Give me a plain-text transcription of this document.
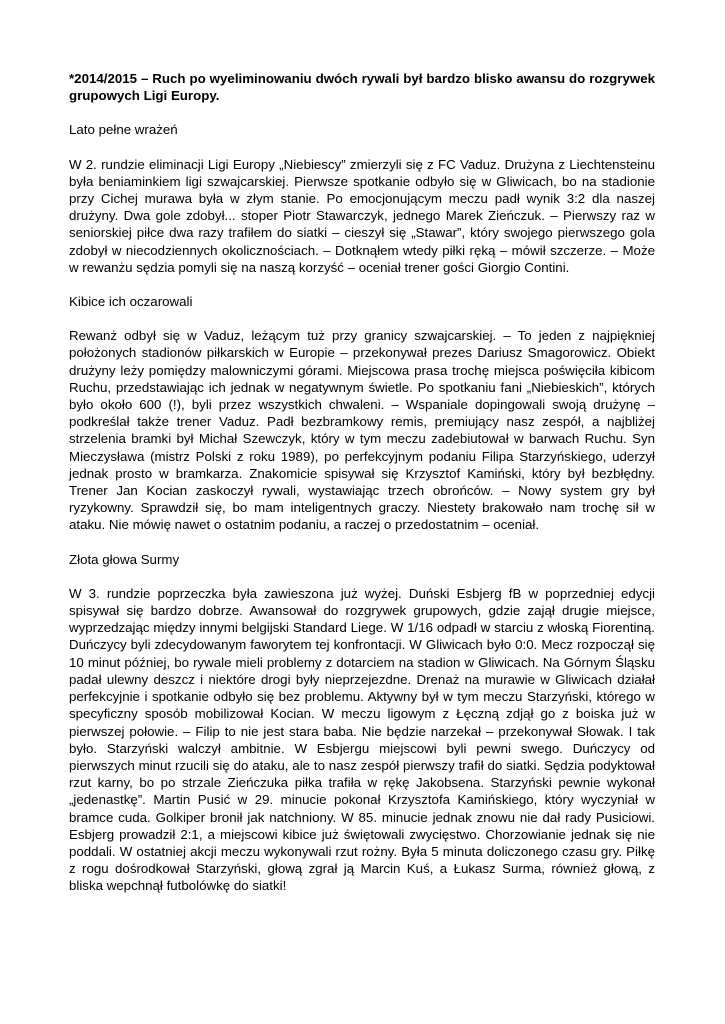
*2014/2015 – Ruch po wyeliminowaniu dwóch rywali był bardzo blisko awansu do rozgrywek grupowych Ligi Europy.

Lato pełne wrażeń

W 2. rundzie eliminacji Ligi Europy „Niebiescy” zmierzyli się z FC Vaduz. Drużyna z Liechtensteinu była beniaminkiem ligi szwajcarskiej. Pierwsze spotkanie odbyło się w Gliwicach, bo na stadionie przy Cichej murawa była w złym stanie. Po emocjonującym meczu padł wynik 3:2 dla naszej drużyny. Dwa gole zdobył... stoper Piotr Stawarczyk, jednego Marek Zieńczuk. – Pierwszy raz w seniorskiej piłce dwa razy trafiłem do siatki – cieszył się „Stawar”, który swojego pierwszego gola zdobył w niecodziennych okolicznościach. – Dotknąłem wtedy piłki ręką – mówił szczerze. – Może w rewanżu sędzia pomyli się na naszą korzyść – oceniał trener gości Giorgio Contini.

Kibice ich oczarowali

Rewanż odbył się w Vaduz, leżącym tuż przy granicy szwajcarskiej. – To jeden z najpiękniej położonych stadionów piłkarskich w Europie – przekonywał prezes Dariusz Smagorowicz. Obiekt drużyny leży pomiędzy malowniczymi górami. Miejscowa prasa trochę miejsca poświęciła kibicom Ruchu, przedstawiając ich jednak w negatywnym świetle. Po spotkaniu fani „Niebieskich”, których było około 600 (!), byli przez wszystkich chwaleni. – Wspaniale dopingowali swoją drużynę – podkreślał także trener Vaduz. Padł bezbramkowy remis, premiujący nasz zespół, a najbliżej strzelenia bramki był Michał Szewczyk, który w tym meczu zadebiutował w barwach Ruchu. Syn Mieczysława (mistrz Polski z roku 1989), po perfekcyjnym podaniu Filipa Starzyńskiego, uderzył jednak prosto w bramkarza. Znakomicie spisywał się Krzysztof Kamiński, który był bezbłędny. Trener Jan Kocian zaskoczył rywali, wystawiając trzech obrońców. – Nowy system gry był ryzykowny. Sprawdził się, bo mam inteligentnych graczy. Niestety brakowało nam trochę sił w ataku. Nie mówię nawet o ostatnim podaniu, a raczej o przedostatnim – oceniał.

Złota głowa Surmy

W 3. rundzie poprzeczka była zawieszona już wyżej. Duński Esbjerg fB w poprzedniej edycji spisywał się bardzo dobrze. Awansował do rozgrywek grupowych, gdzie zajął drugie miejsce, wyprzedzając między innymi belgijski Standard Liege. W 1/16 odpadł w starciu z włoską Fiorentiną. Duńczycy byli zdecydowanym faworytem tej konfrontacji. W Gliwicach było 0:0. Mecz rozpoczął się 10 minut później, bo rywale mieli problemy z dotarciem na stadion w Gliwicach. Na Górnym Śląsku padał ulewny deszcz i niektóre drogi były nieprzejezdne. Drenaż na murawie w Gliwicach działał perfekcyjnie i spotkanie odbyło się bez problemu. Aktywny był w tym meczu Starzyński, którego w specyficzny sposób mobilizował Kocian. W meczu ligowym z Łęczną zdjął go z boiska już w pierwszej połowie. – Filip to nie jest stara baba. Nie będzie narzekał – przekonywał Słowak. I tak było. Starzyński walczył ambitnie. W Esbjergu miejscowi byli pewni swego. Duńczycy od pierwszych minut rzucili się do ataku, ale to nasz zespół pierwszy trafił do siatki. Sędzia podyktował rzut karny, bo po strzale Zieńczuka piłka trafiła w rękę Jakobsena. Starzyński pewnie wykonał „jedenastkę”. Martin Pusić w 29. minucie pokonał Krzysztofa Kamińskiego, który wyczyniał w bramce cuda. Golkiper bronił jak natchniony. W 85. minucie jednak znowu nie dał rady Pusiciowi. Esbjerg prowadził 2:1, a miejscowi kibice już świętowali zwycięstwo. Chorzowianie jednak się nie poddali. W ostatniej akcji meczu wykonywali rzut rożny. Była 5 minuta doliczonego czasu gry. Piłkę z rogu dośrodkował Starzyński, głową zgrał ją Marcin Kuś, a Łukasz Surma, również głową, z bliska wepchnął futbolówkę do siatki!
